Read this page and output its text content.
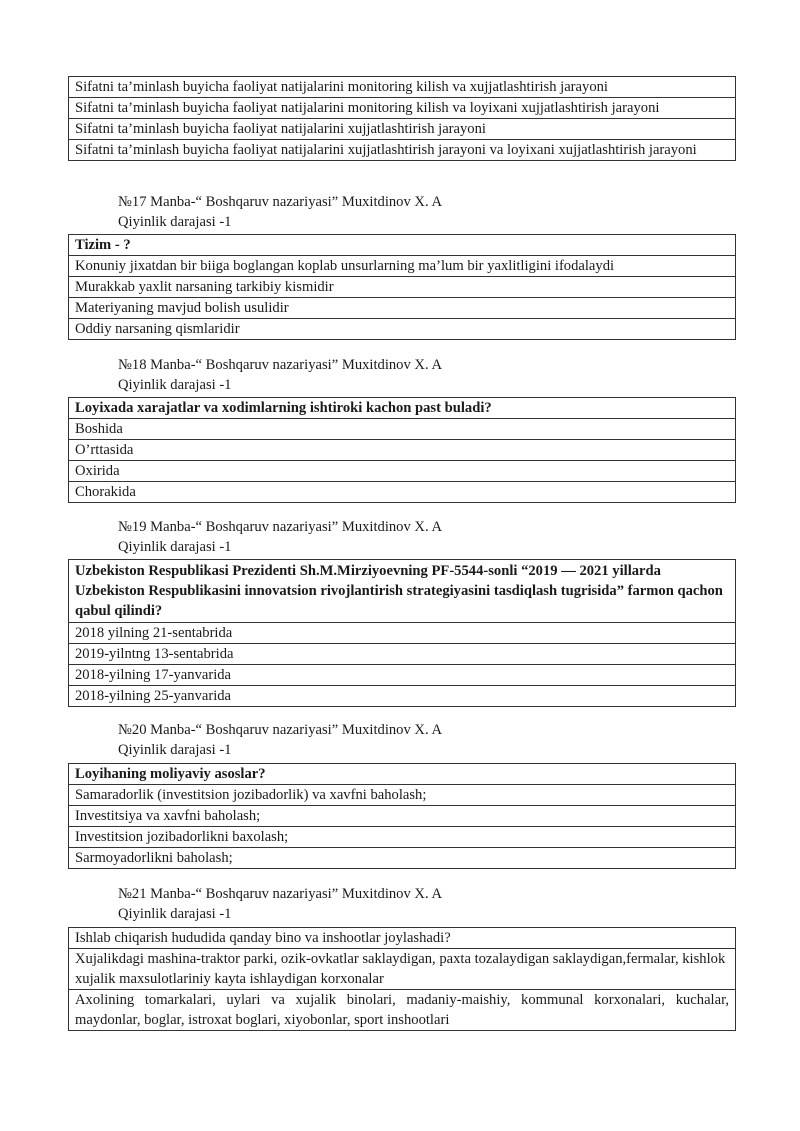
Sifatni ta’minlash buyicha faoliyat natijalarini monitoring kilish va xujjatlashtirish jarayoni
Sifatni ta’minlash buyicha faoliyat natijalarini monitoring kilish va loyixani xujjatlashtirish jarayoni
Sifatni ta’minlash buyicha faoliyat natijalarini xujjatlashtirish jarayoni
Sifatni ta’minlash buyicha faoliyat natijalarini xujjatlashtirish jarayoni va loyixani xujjatlashtirish jarayoni
№17 Manba-“ Boshqaruv nazariyasi” Muxitdinov X. A
Qiyinlik darajasi -1
Tizim - ?
Konuniy jixatdan bir biiga boglangan koplab unsurlarning ma’lum bir yaxlitligini ifodalaydi
Murakkab yaxlit narsaning tarkibiy kismidir
Materiyaning mavjud bolish usulidir
Oddiy narsaning qismlaridir
№18 Manba-“ Boshqaruv nazariyasi” Muxitdinov X. A
Qiyinlik darajasi -1
Loyixada xarajatlar va xodimlarning ishtiroki kachon past buladi?
Boshida
O’rttasida
Oxirida
Chorakida
№19 Manba-“ Boshqaruv nazariyasi” Muxitdinov X. A
Qiyinlik darajasi -1
Uzbekiston Respublikasi Prezidenti Sh.M.Mirziyoevning PF-5544-sonli “2019 — 2021 yillarda Uzbekiston Respublikasini innovatsion rivojlantirish strategiyasini tasdiqlash tugrisida” farmon qachon qabul qilindi?
2018 yilning 21-sentabrida
2019-yilntng 13-sentabrida
2018-yilning 17-yanvarida
2018-yilning 25-yanvarida
№20 Manba-“ Boshqaruv nazariyasi” Muxitdinov X. A
Qiyinlik darajasi -1
Loyihaning moliyaviy asoslar?
Samaradorlik (investitsion jozibadorlik) va xavfni baholash;
Investitsiya va xavfni baholash;
Investitsion jozibadorlikni baxolash;
Sarmoyadorlikni baholash;
№21 Manba-“ Boshqaruv nazariyasi” Muxitdinov X. A
Qiyinlik darajasi -1
Ishlab chiqarish hududida qanday bino va inshootlar joylashadi?
Xujalikdagi mashina-traktor parki, ozik-ovkatlar saklaydigan, paxta tozalaydigan saklaydigan,fermalar, kishlok xujalik maxsulotlariniy kayta ishlaydigan korxonalar
Axolining tomarkalari, uylari va xujalik binolari, madaniy-maishiy, kommunal korxonalari, kuchalar, maydonlar, boglar, istroxat boglari, xiyobonlar, sport inshootlari
